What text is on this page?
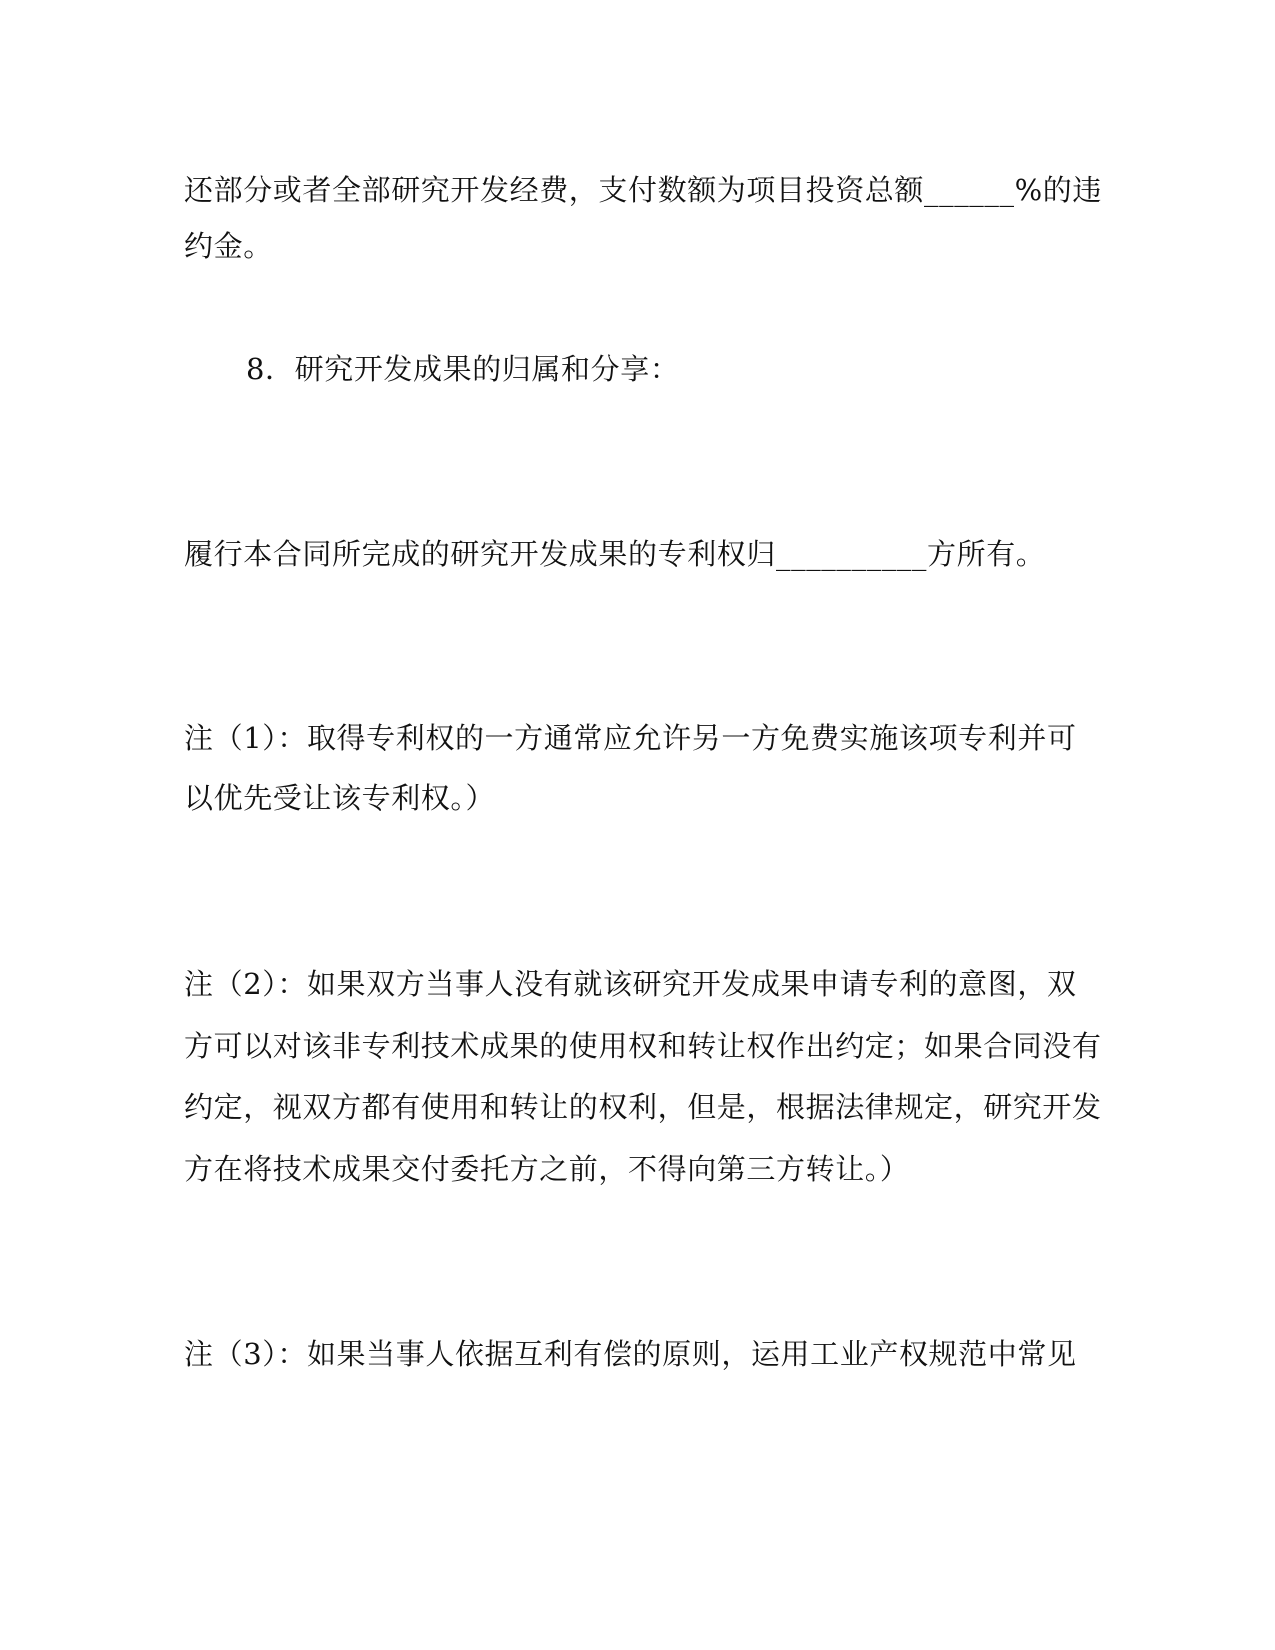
还部分或者全部研究开发经费，支付数额为项目投资总额______%的违
约金。
8．研究开发成果的归属和分享：
履行本合同所完成的研究开发成果的专利权归__________方所有。
注（1）：取得专利权的一方通常应允许另一方免费实施该项专利并可
以优先受让该专利权。）
注（2）：如果双方当事人没有就该研究开发成果申请专利的意图，双
方可以对该非专利技术成果的使用权和转让权作出约定；如果合同没有
约定，视双方都有使用和转让的权利，但是，根据法律规定，研究开发
方在将技术成果交付委托方之前，不得向第三方转让。）
注（3）：如果当事人依据互利有偿的原则，运用工业产权规范中常见
